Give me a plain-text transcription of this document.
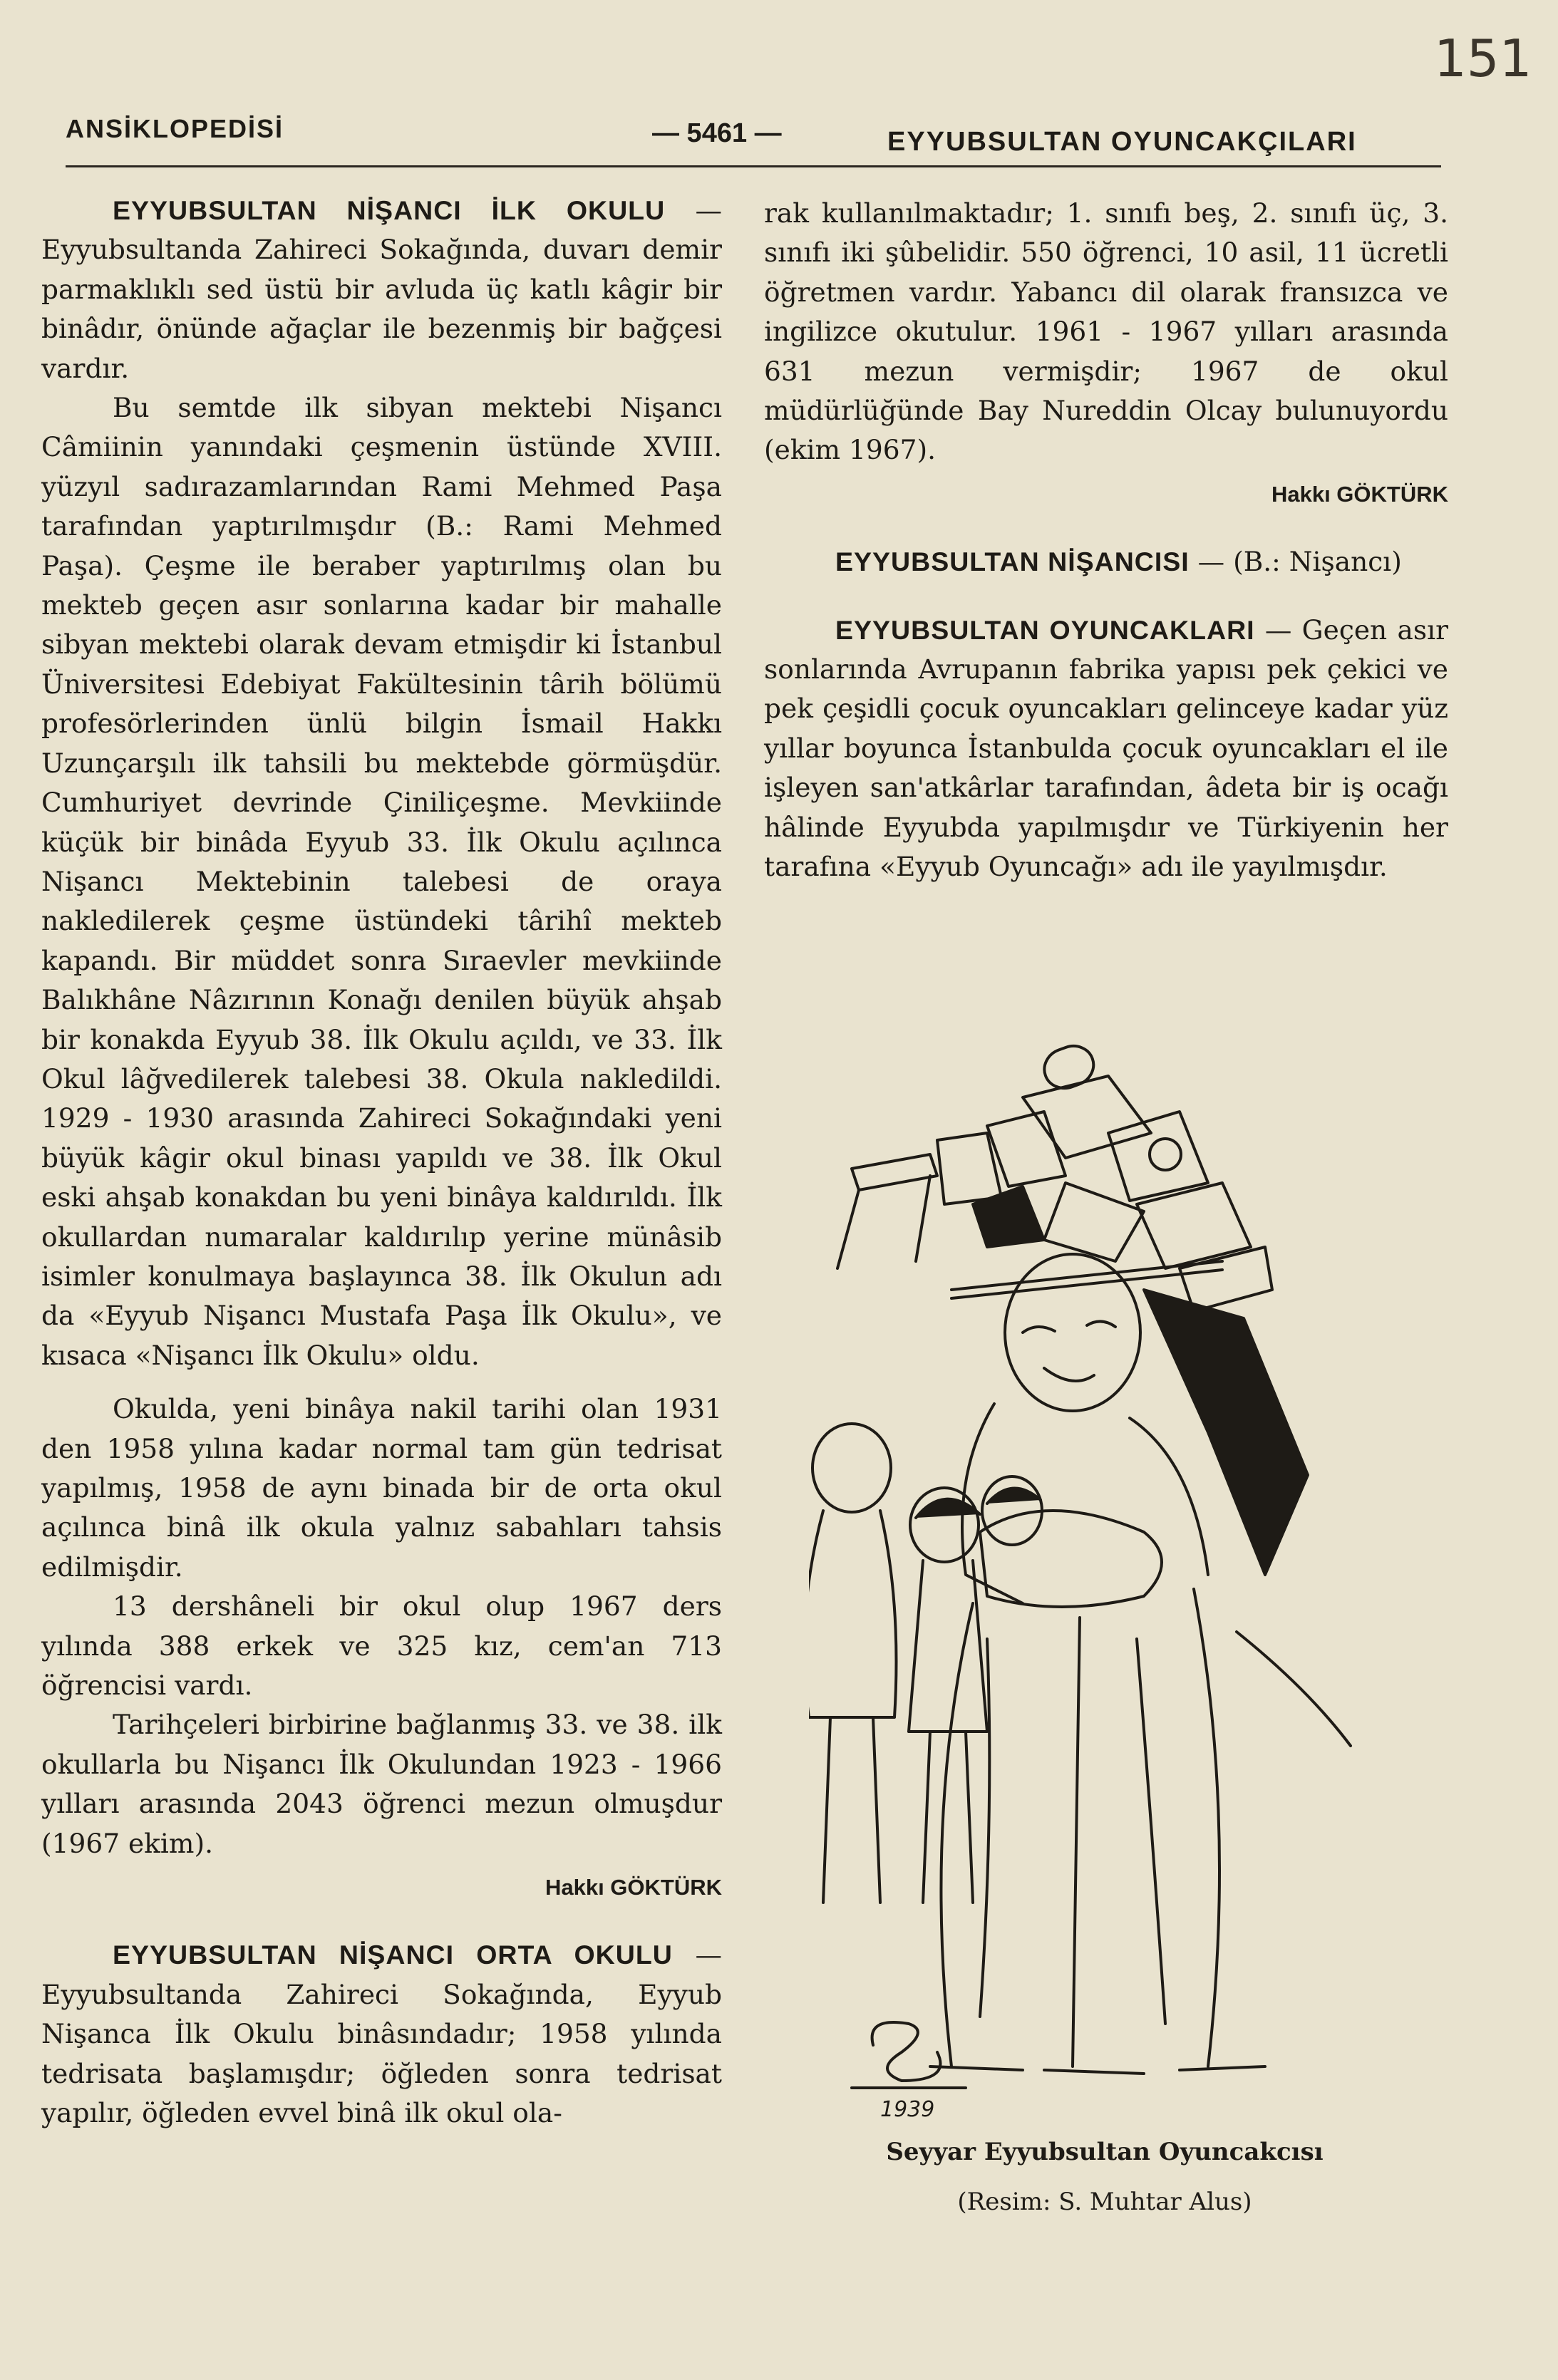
151
ANSİKLOPEDİSİ	— 5461 —	EYYUBSULTAN OYUNCAKÇILARI

EYYUBSULTAN NİŞANCI İLK OKULU — Eyyubsultanda Zahireci Sokağında, duvarı demir parmaklıklı sed üstü bir avluda üç katlı kâgir bir binâdır, önünde ağaçlar ile bezenmiş bir bağçesi vardır.

Bu semtde ilk sibyan mektebi Nişancı Câmiinin yanındaki çeşmenin üstünde XVIII. yüzyıl sadırazamlarından Rami Mehmed Paşa tarafından yaptırılmışdır (B.: Rami Mehmed Paşa). Çeşme ile beraber yaptırılmış olan bu mekteb geçen asır sonlarına kadar bir mahalle sibyan mektebi olarak devam etmişdir ki İstanbul Üniversitesi Edebiyat Fakültesinin târih bölümü profesörlerinden ünlü bilgin İsmail Hakkı Uzunçarşılı ilk tahsili bu mektebde görmüşdür. Cumhuriyet devrinde Çiniliçeşme. Mevkiinde küçük bir binâda Eyyub 33. İlk Okulu açılınca Nişancı Mektebinin talebesi de oraya nakledilerek çeşme üstündeki târihî mekteb kapandı. Bir müddet sonra Sıraevler mevkiinde Balıkhâne Nâzırının Konağı denilen büyük ahşab bir konakda Eyyub 38. İlk Okulu açıldı, ve 33. İlk Okul lâğvedilerek talebesi 38. Okula nakledildi. 1929 - 1930 arasında Zahireci Sokağındaki yeni büyük kâgir okul binası yapıldı ve 38. İlk Okul eski ahşab konakdan bu yeni binâya kaldırıldı. İlk okullardan numaralar kaldırılıp yerine münâsib isimler konulmaya başlayınca 38. İlk Okulun adı da «Eyyub Nişancı Mustafa Paşa İlk Okulu», ve kısaca «Nişancı İlk Okulu» oldu.

Okulda, yeni binâya nakil tarihi olan 1931 den 1958 yılına kadar normal tam gün tedrisat yapılmış, 1958 de aynı binada bir de orta okul açılınca binâ ilk okula yalnız sabahları tahsis edilmişdir.

13 dershâneli bir okul olup 1967 ders yılında 388 erkek ve 325 kız, cem'an 713 öğrencisi vardı.

Tarihçeleri birbirine bağlanmış 33. ve 38. ilk okullarla bu Nişancı İlk Okulundan 1923 - 1966 yılları arasında 2043 öğrenci mezun olmuşdur (1967 ekim).

Hakkı GÖKTÜRK

EYYUBSULTAN NİŞANCI ORTA OKULU — Eyyubsultanda Zahireci Sokağında, Eyyub Nişanca İlk Okulu binâsındadır; 1958 yılında tedrisata başlamışdır; öğleden sonra tedrisat yapılır, öğleden evvel binâ ilk okul ola-

rak kullanılmaktadır; 1. sınıfı beş, 2. sınıfı üç, 3. sınıfı iki şûbelidir. 550 öğrenci, 10 asil, 11 ücretli öğretmen vardır. Yabancı dil olarak fransızca ve ingilizce okutulur. 1961 - 1967 yılları arasında 631 mezun vermişdir; 1967 de okul müdürlüğünde Bay Nureddin Olcay bulunuyordu (ekim 1967).

Hakkı GÖKTÜRK

EYYUBSULTAN NİŞANCISI — (B.: Nişancı)

EYYUBSULTAN OYUNCAKLARI — Geçen asır sonlarında Avrupanın fabrika yapısı pek çekici ve pek çeşidli çocuk oyuncakları gelinceye kadar yüz yıllar boyunca İstanbulda çocuk oyuncakları el ile işleyen san'atkârlar tarafından, âdeta bir iş ocağı hâlinde Eyyubda yapılmışdır ve Türkiyenin her tarafına «Eyyub Oyuncağı» adı ile yayılmışdır.

1939
Seyyar Eyyubsultan Oyuncakcısı
(Resim: S. Muhtar Alus)
